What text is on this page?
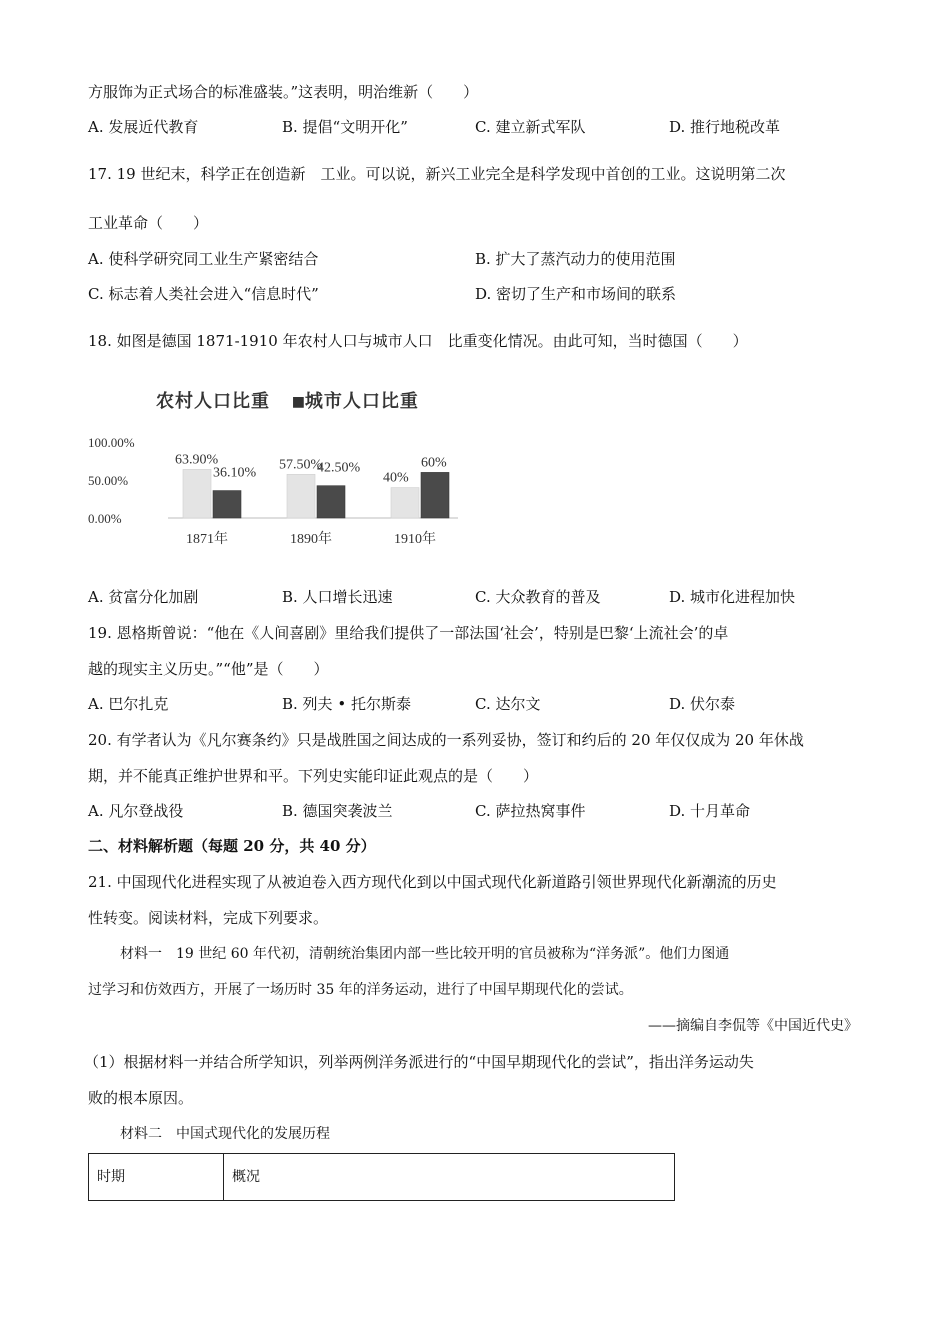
方服饰为正式场合的标准盛装。”这表明，明治维新（　　）
A. 发展近代教育	B. 提倡“文明开化”	C. 建立新式军队	D. 推行地税改革
17. 19 世纪末，科学正在创造新　工业。可以说，新兴工业完全是科学发现中首创的工业。这说明第二次
工业革命（　　）
A. 使科学研究同工业生产紧密结合	B. 扩大了蒸汽动力的使用范围
C. 标志着人类社会进入“信息时代”	D. 密切了生产和市场间的联系
18. 如图是德国 1871-1910 年农村人口与城市人口　比重变化情况。由此可知，当时德国（　　）
农村人口比重 ■城市人口比重
100.00%
50.00%
0.00%
63.90%
36.10%
1871年
57.50%
42.50%
1890年
40%
60%
1910年
A. 贫富分化加剧	B. 人口增长迅速	C. 大众教育的普及	D. 城市化进程加快
19. 恩格斯曾说：“他在《人间喜剧》里给我们提供了一部法国‘社会’，特别是巴黎‘上流社会’的卓
越的现实主义历史。”“他”是（　　）
A. 巴尔扎克	B. 列夫 • 托尔斯泰	C. 达尔文	D. 伏尔泰
20. 有学者认为《凡尔赛条约》只是战胜国之间达成的一系列妥协，签订和约后的 20 年仅仅成为 20 年休战
期，并不能真正维护世界和平。下列史实能印证此观点的是（　　）
A. 凡尔登战役	B. 德国突袭波兰	C. 萨拉热窝事件	D. 十月革命
二、材料解析题（每题 20 分，共 40 分）
21. 中国现代化进程实现了从被迫卷入西方现代化到以中国式现代化新道路引领世界现代化新潮流的历史
性转变。阅读材料，完成下列要求。
材料一　19 世纪 60 年代初，清朝统治集团内部一些比较开明的官员被称为“洋务派”。他们力图通
过学习和仿效西方，开展了一场历时 35 年的洋务运动，进行了中国早期现代化的尝试。
——摘编自李侃等《中国近代史》
（1）根据材料一并结合所学知识，列举两例洋务派进行的“中国早期现代化的尝试”，指出洋务运动失
败的根本原因。
材料二　中国式现代化的发展历程
时期	概况
